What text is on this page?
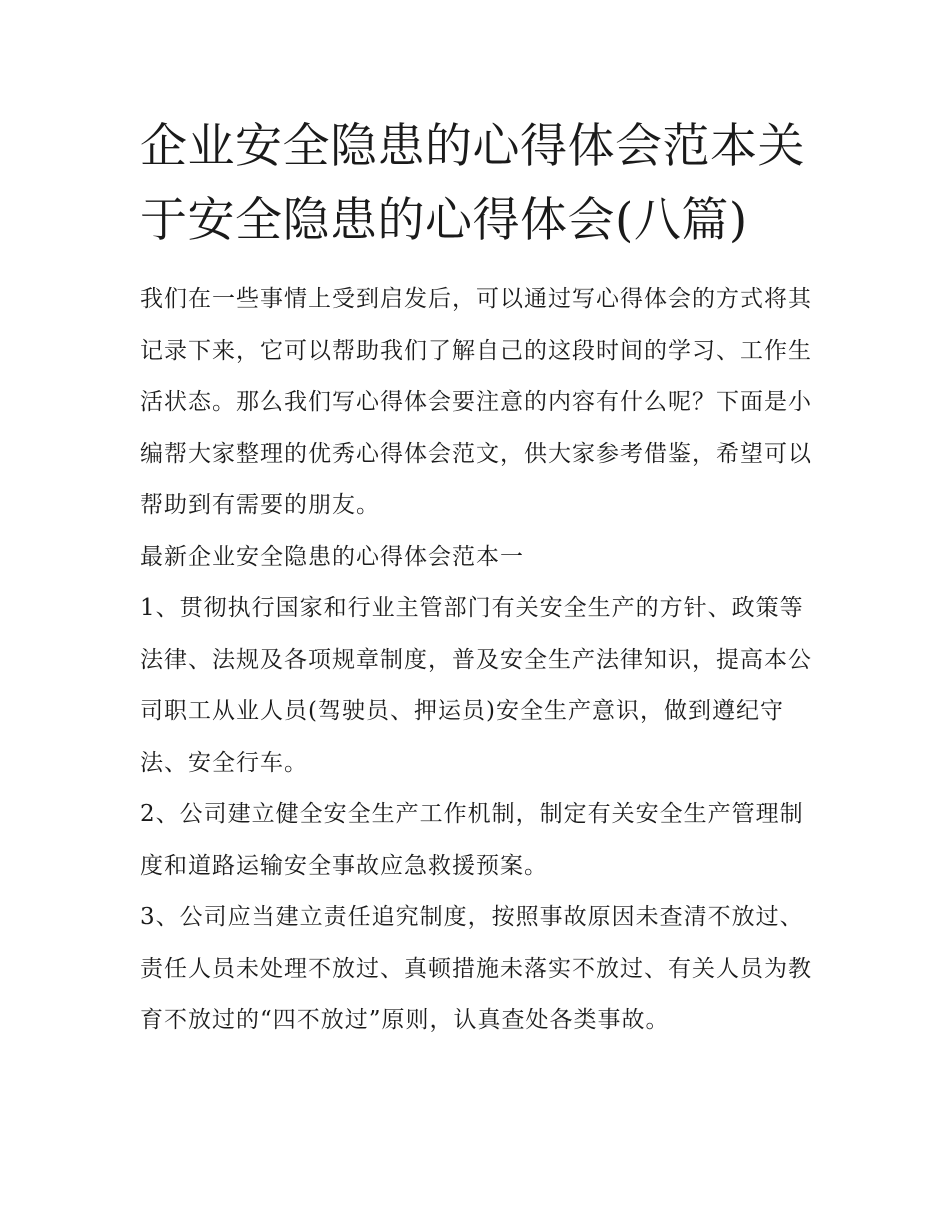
企业安全隐患的心得体会范本关于安全隐患的心得体会(八篇)

我们在一些事情上受到启发后，可以通过写心得体会的方式将其记录下来，它可以帮助我们了解自己的这段时间的学习、工作生活状态。那么我们写心得体会要注意的内容有什么呢？下面是小编帮大家整理的优秀心得体会范文，供大家参考借鉴，希望可以帮助到有需要的朋友。

最新企业安全隐患的心得体会范本一

1、贯彻执行国家和行业主管部门有关安全生产的方针、政策等法律、法规及各项规章制度，普及安全生产法律知识，提高本公司职工从业人员(驾驶员、押运员)安全生产意识，做到遵纪守法、安全行车。

2、公司建立健全安全生产工作机制，制定有关安全生产管理制度和道路运输安全事故应急救援预案。

3、公司应当建立责任追究制度，按照事故原因未查清不放过、责任人员未处理不放过、真顿措施未落实不放过、有关人员为教育不放过的“四不放过”原则，认真查处各类事故。
